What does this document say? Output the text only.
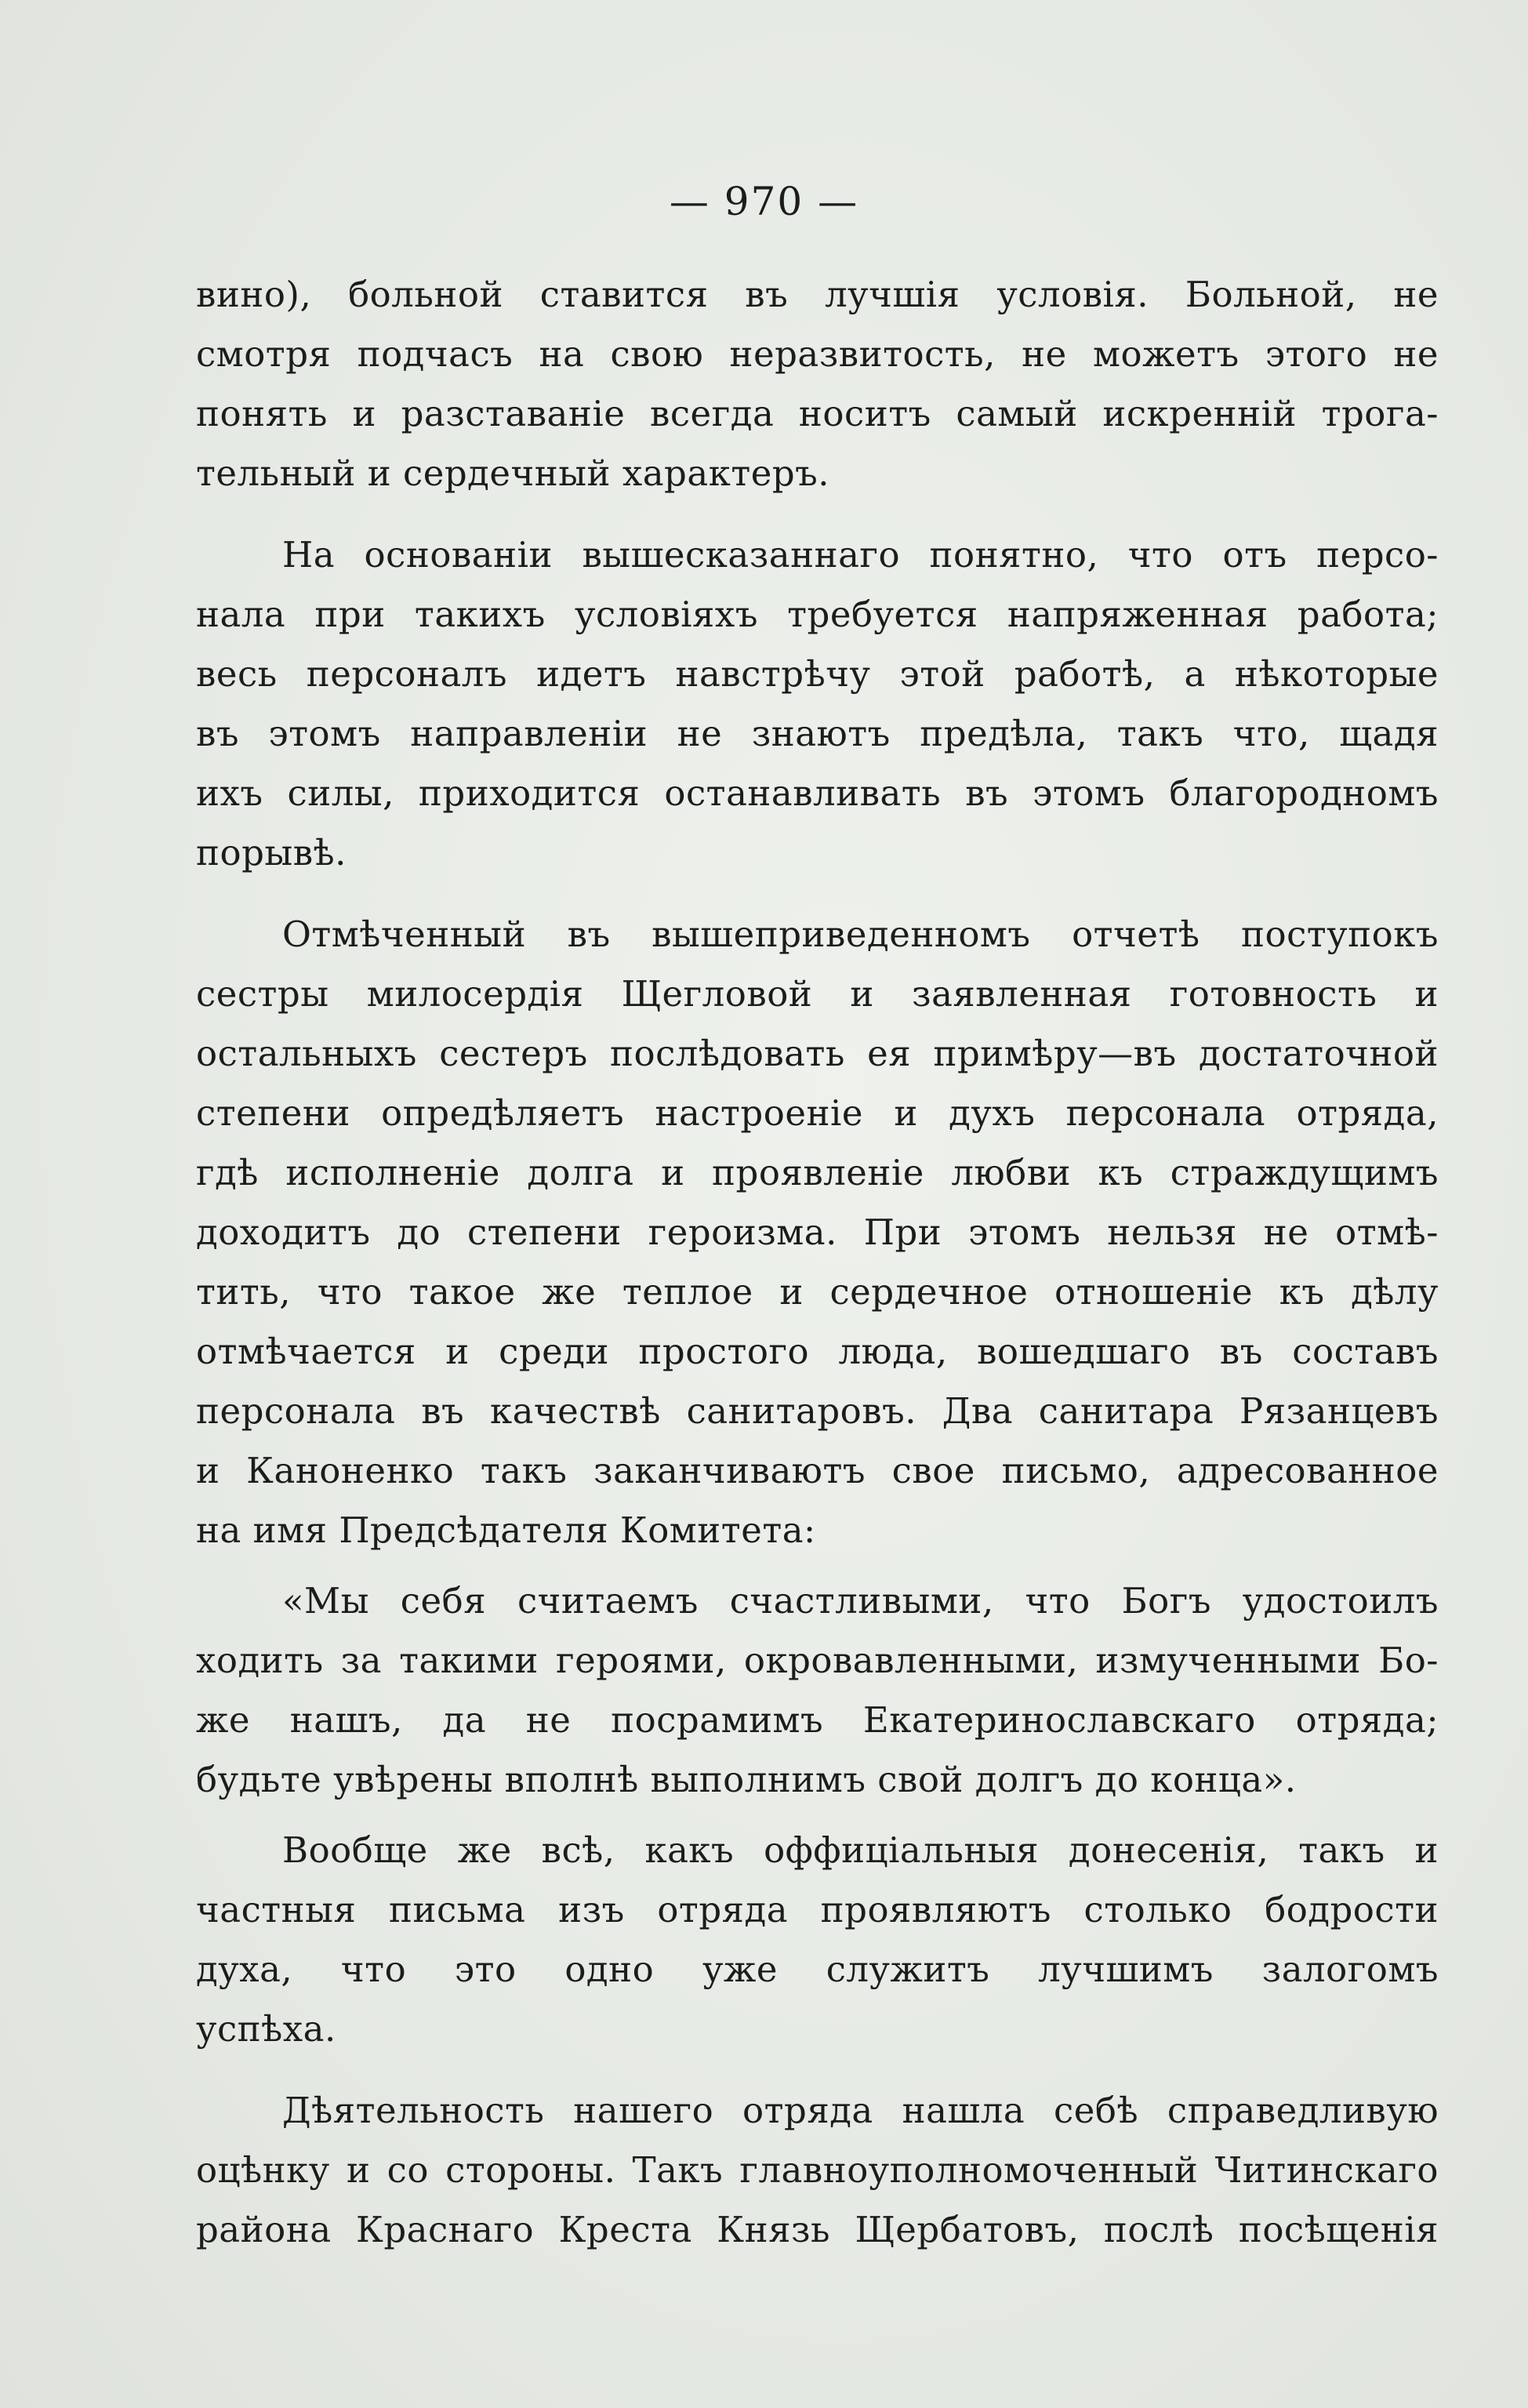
— 970 —
вино), больной ставится въ лучшія условія. Больной, не
смотря подчасъ на свою неразвитость, не можетъ этого не
понять и разставаніе всегда носитъ самый искренній трога-
тельный и сердечный характеръ.
На основаніи вышесказаннаго понятно, что отъ персо-
нала при такихъ условіяхъ требуется напряженная работа;
весь персоналъ идетъ навстрѣчу этой работѣ, а нѣкоторые
въ этомъ направленіи не знаютъ предѣла, такъ что, щадя
ихъ силы, приходится останавливать въ этомъ благородномъ
порывѣ.
Отмѣченный въ вышеприведенномъ отчетѣ поступокъ
сестры милосердія Щегловой и заявленная готовность и
остальныхъ сестеръ послѣдовать ея примѣру—въ достаточной
степени опредѣляетъ настроеніе и духъ персонала отряда,
гдѣ исполненіе долга и проявленіе любви къ страждущимъ
доходитъ до степени героизма. При этомъ нельзя не отмѣ-
тить, что такое же теплое и сердечное отношеніе къ дѣлу
отмѣчается и среди простого люда, вошедшаго въ составъ
персонала въ качествѣ санитаровъ. Два санитара Рязанцевъ
и Каноненко такъ заканчиваютъ свое письмо, адресованное
на имя Предсѣдателя Комитета:
«Мы себя считаемъ счастливыми, что Богъ удостоилъ
ходить за такими героями, окровавленными, измученными Бо-
же нашъ, да не посрамимъ Екатеринославскаго отряда;
будьте увѣрены вполнѣ выполнимъ свой долгъ до конца».
Вообще же всѣ, какъ оффиціальныя донесенія, такъ и
частныя письма изъ отряда проявляютъ столько бодрости
духа, что это одно уже служитъ лучшимъ залогомъ
успѣха.
Дѣятельность нашего отряда нашла себѣ справедливую
оцѣнку и со стороны. Такъ главноуполномоченный Читинскаго
района Краснаго Креста Князь Щербатовъ, послѣ посѣщенія
